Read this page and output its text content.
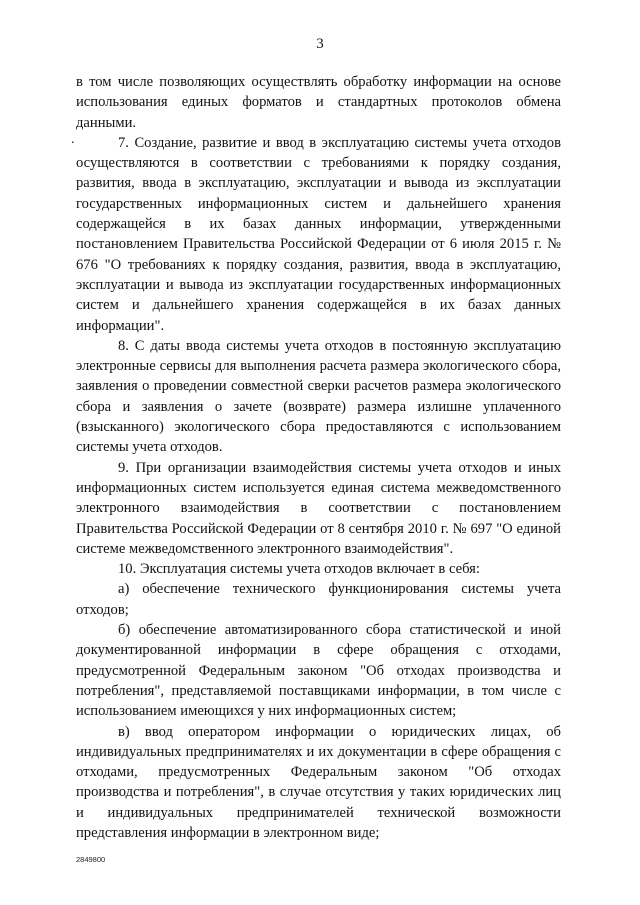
3
.

в том числе позволяющих осуществлять обработку информации на основе использования единых форматов и стандартных протоколов обмена данными.

7. Создание, развитие и ввод в эксплуатацию системы учета отходов осуществляются в соответствии с требованиями к порядку создания, развития, ввода в эксплуатацию, эксплуатации и вывода из эксплуатации государственных информационных систем и дальнейшего хранения содержащейся в их базах данных информации, утвержденными постановлением Правительства Российской Федерации от 6 июля 2015 г. № 676 "О требованиях к порядку создания, развития, ввода в эксплуатацию, эксплуатации и вывода из эксплуатации государственных информационных систем и дальнейшего хранения содержащейся в их базах данных информации".

8. С даты ввода системы учета отходов в постоянную эксплуатацию электронные сервисы для выполнения расчета размера экологического сбора, заявления о проведении совместной сверки расчетов размера экологического сбора и заявления о зачете (возврате) размера излишне уплаченного (взысканного) экологического сбора предоставляются с использованием системы учета отходов.

9. При организации взаимодействия системы учета отходов и иных информационных систем используется единая система межведомственного электронного взаимодействия в соответствии с постановлением Правительства Российской Федерации от 8 сентября 2010 г. № 697 "О единой системе межведомственного электронного взаимодействия".

10. Эксплуатация системы учета отходов включает в себя:

а) обеспечение технического функционирования системы учета отходов;

б) обеспечение автоматизированного сбора статистической и иной документированной информации в сфере обращения с отходами, предусмотренной Федеральным законом "Об отходах производства и потребления", представляемой поставщиками информации, в том числе с использованием имеющихся у них информационных систем;

в) ввод оператором информации о юридических лицах, об индивидуальных предпринимателях и их документации в сфере обращения с отходами, предусмотренных Федеральным законом "Об отходах производства и потребления", в случае отсутствия у таких юридических лиц и индивидуальных предпринимателей технической возможности представления информации в электронном виде;

2849800
